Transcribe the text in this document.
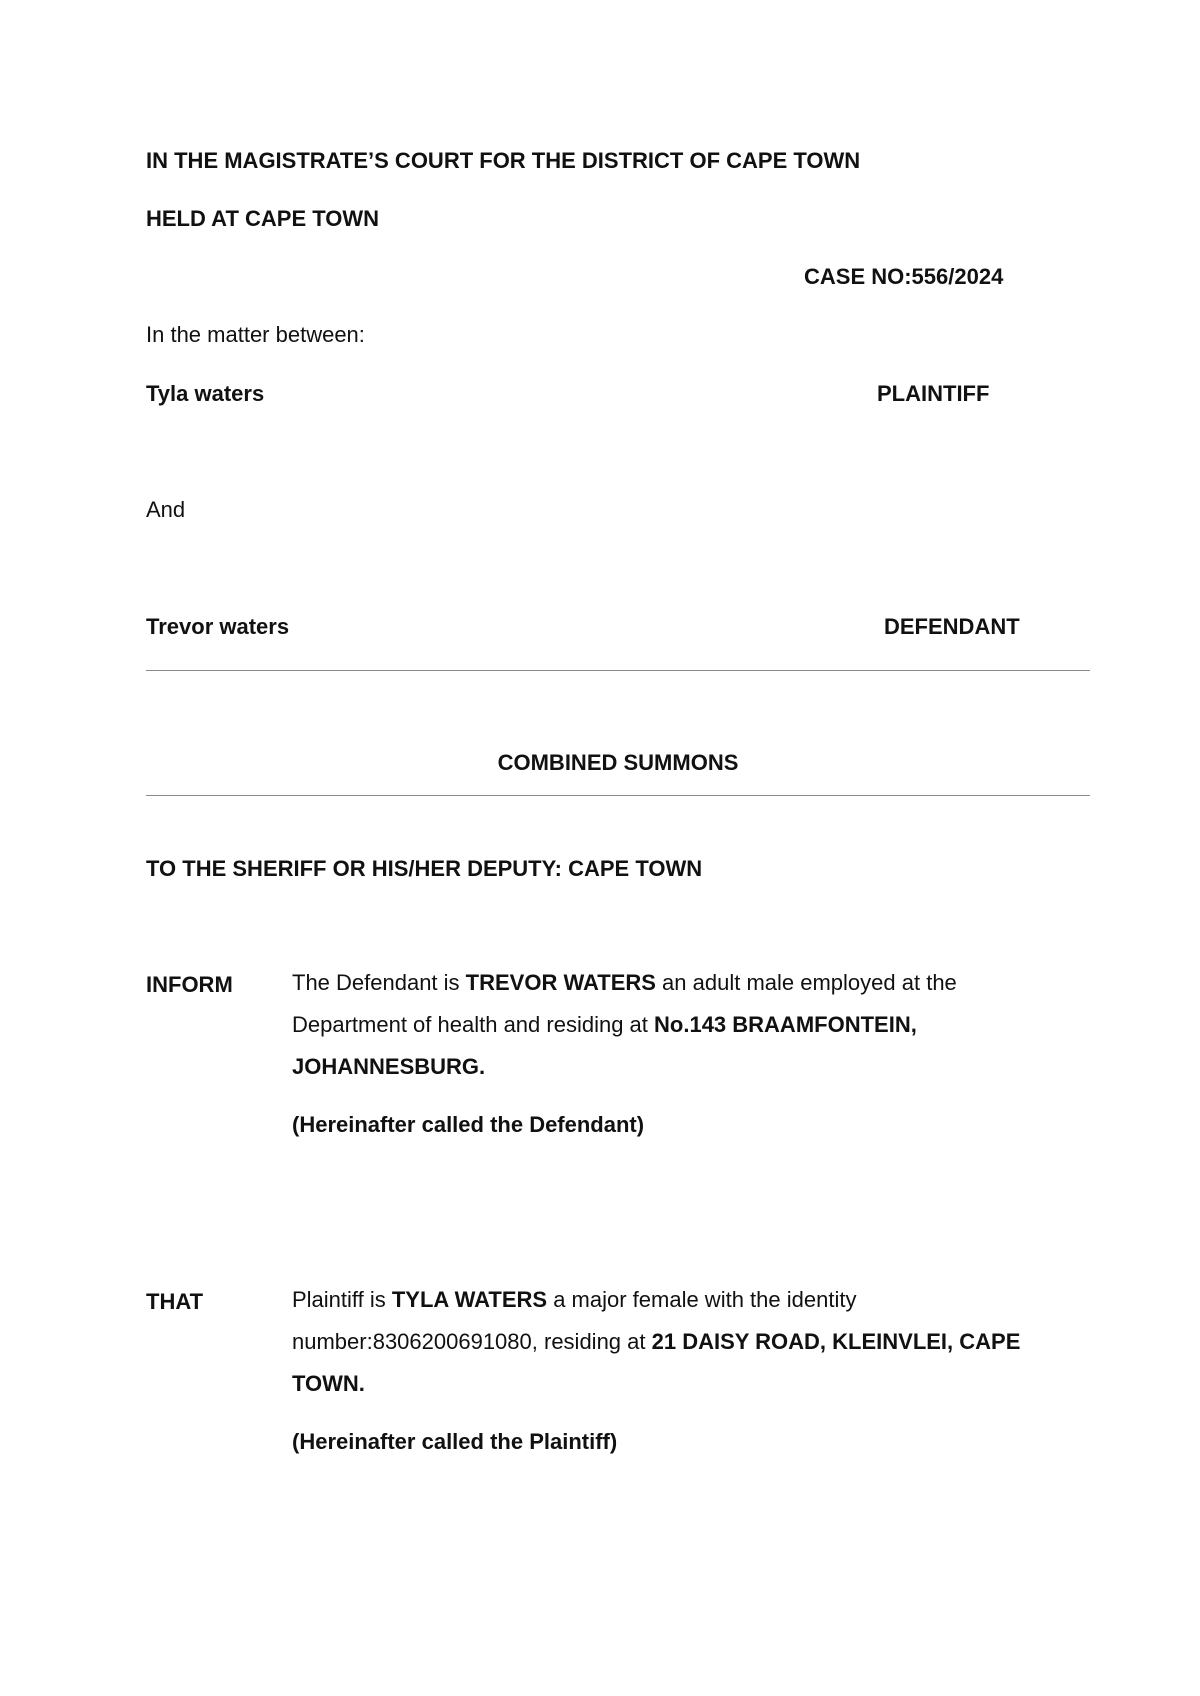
IN THE MAGISTRATE’S COURT FOR THE DISTRICT OF CAPE TOWN
HELD AT CAPE TOWN
CASE NO:556/2024
In the matter between:
Tyla waters	PLAINTIFF
And
Trevor waters	DEFENDANT
COMBINED SUMMONS
TO THE SHERIFF OR HIS/HER DEPUTY: CAPE TOWN
INFORM	The Defendant is TREVOR WATERS an adult male employed at the Department of health and residing at No.143 BRAAMFONTEIN, JOHANNESBURG.

(Hereinafter called the Defendant)

THAT	Plaintiff is TYLA WATERS a major female with the identity number:8306200691080, residing at 21 DAISY ROAD, KLEINVLEI, CAPE TOWN.

(Hereinafter called the Plaintiff)
